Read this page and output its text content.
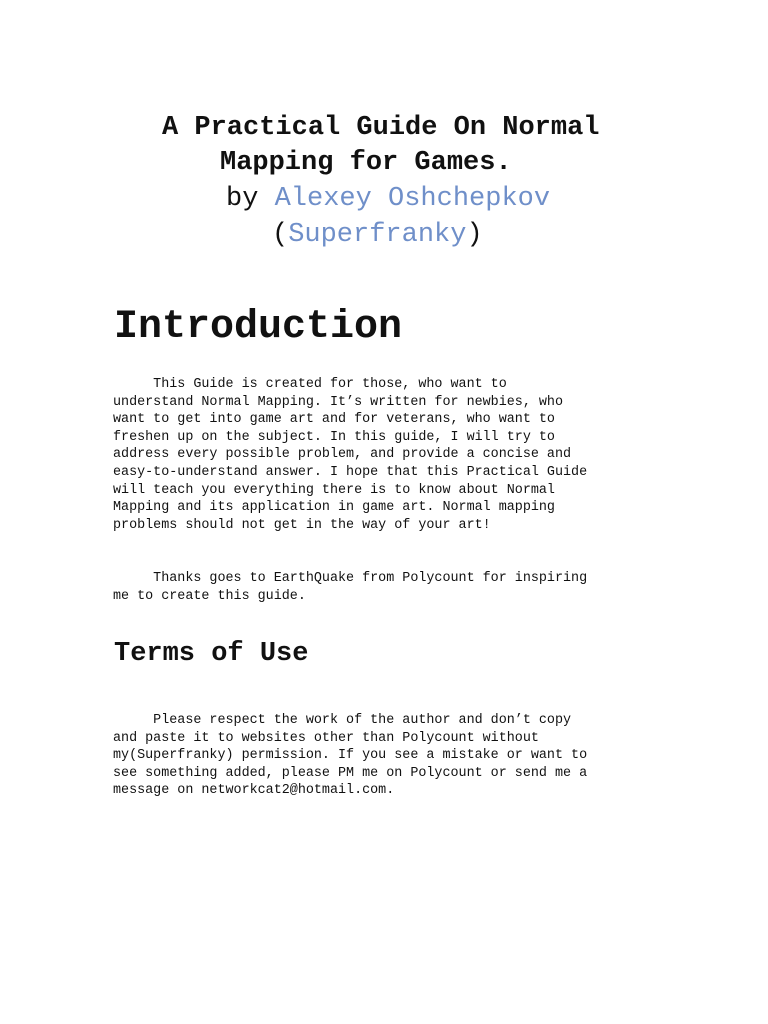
A Practical Guide On Normal
Mapping for Games.
by Alexey Oshchepkov
(Superfranky)
Introduction
This Guide is created for those, who want to
understand Normal Mapping. It’s written for newbies, who
want to get into game art and for veterans, who want to
freshen up on the subject. In this guide, I will try to
address every possible problem, and provide a concise and
easy-to-understand answer. I hope that this Practical Guide
will teach you everything there is to know about Normal
Mapping and its application in game art. Normal mapping
problems should not get in the way of your art!
Thanks goes to EarthQuake from Polycount for inspiring
me to create this guide.
Terms of Use
Please respect the work of the author and don’t copy
and paste it to websites other than Polycount without
my(Superfranky) permission. If you see a mistake or want to
see something added, please PM me on Polycount or send me a
message on networkcat2@hotmail.com.
